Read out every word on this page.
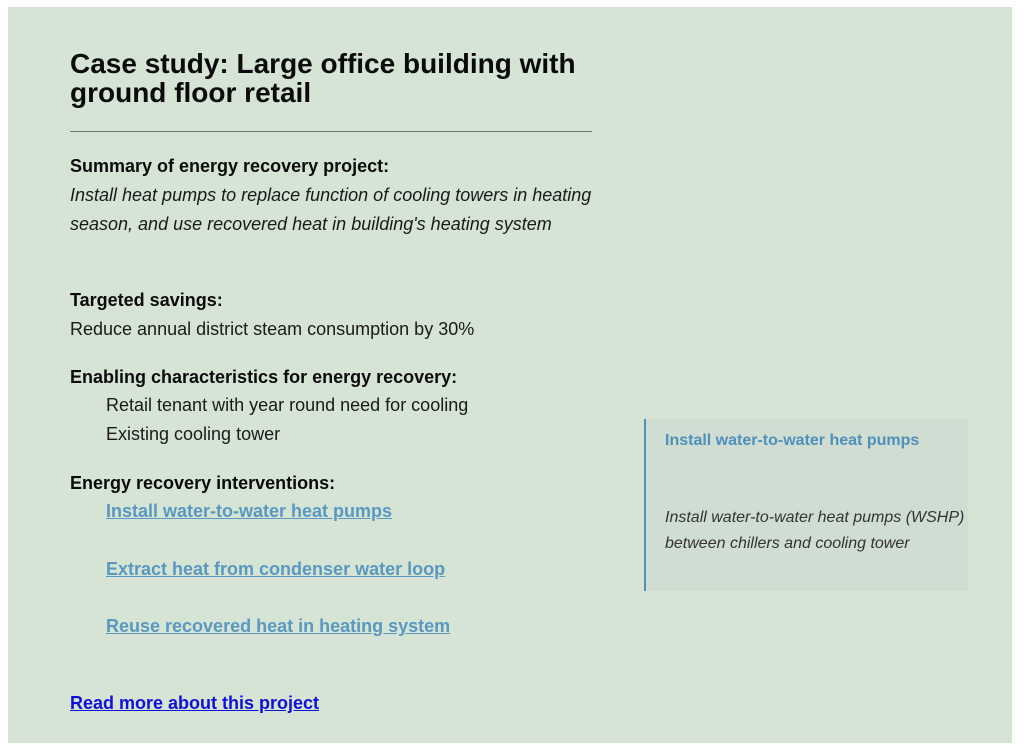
Case study: Large office building with ground floor retail
Summary of energy recovery project:
Install heat pumps to replace function of cooling towers in heating season, and use recovered heat in building's heating system
Targeted savings:
Reduce annual district steam consumption by 30%
Enabling characteristics for energy recovery:
Retail tenant with year round need for cooling
Existing cooling tower
Energy recovery interventions:
Install water-to-water heat pumps
Extract heat from condenser water loop
Reuse recovered heat in heating system
Read more about this project
Install water-to-water heat pumps
Install water-to-water heat pumps (WSHP) between chillers and cooling tower
